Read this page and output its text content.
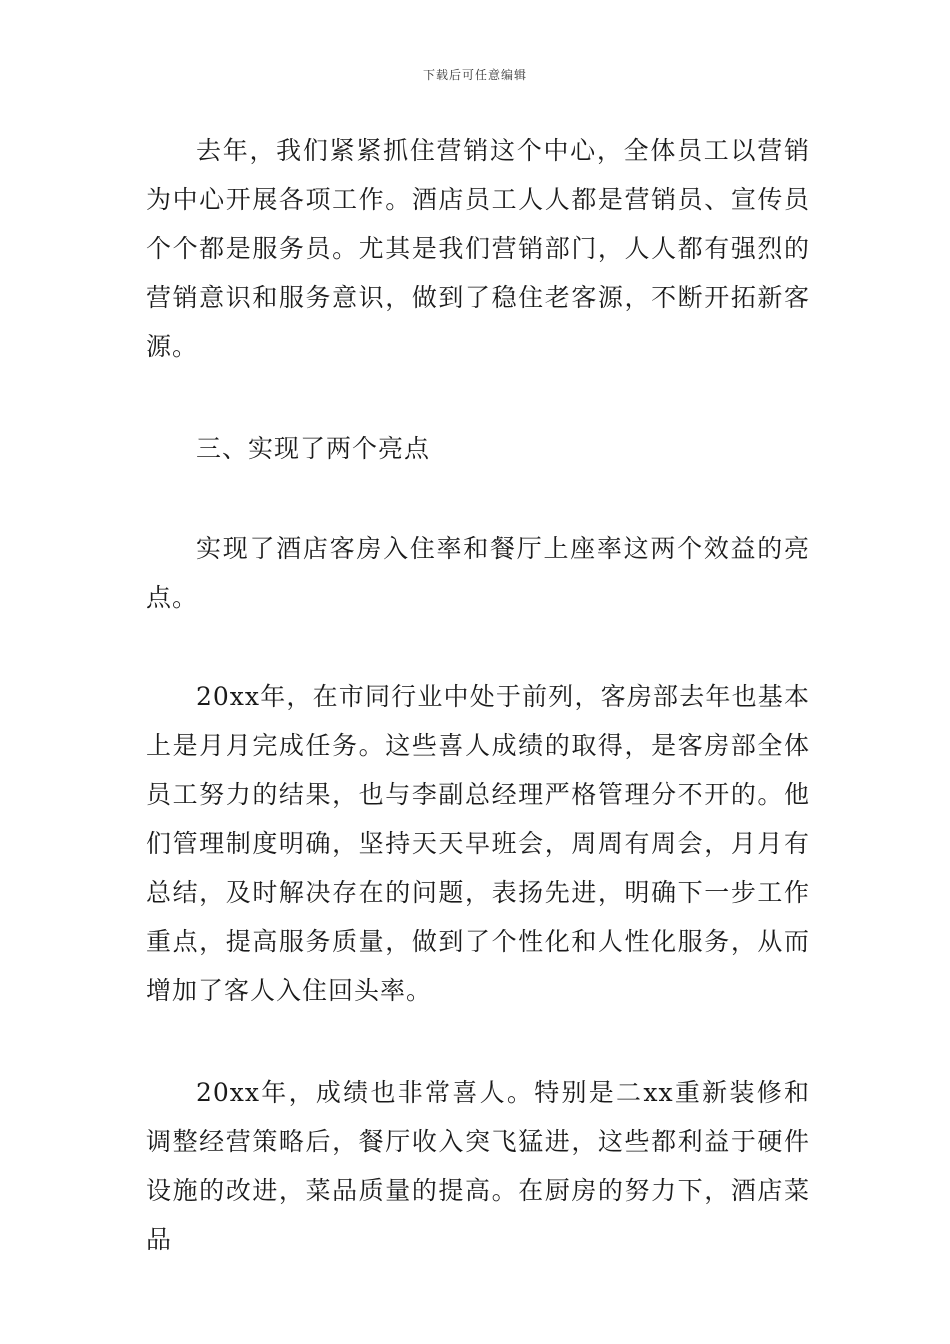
下载后可任意编辑

去年，我们紧紧抓住营销这个中心，全体员工以营销为中心开展各项工作。酒店员工人人都是营销员、宣传员个个都是服务员。尤其是我们营销部门，人人都有强烈的营销意识和服务意识，做到了稳住老客源，不断开拓新客源。

三、实现了两个亮点

实现了酒店客房入住率和餐厅上座率这两个效益的亮点。

20xx年，在市同行业中处于前列，客房部去年也基本上是月月完成任务。这些喜人成绩的取得，是客房部全体员工努力的结果，也与李副总经理严格管理分不开的。他们管理制度明确，坚持天天早班会，周周有周会，月月有总结，及时解决存在的问题，表扬先进，明确下一步工作重点，提高服务质量，做到了个性化和人性化服务，从而增加了客人入住回头率。

20xx年，成绩也非常喜人。特别是二xx重新装修和调整经营策略后，餐厅收入突飞猛进，这些都利益于硬件设施的改进，菜品质量的提高。在厨房的努力下，酒店菜品
